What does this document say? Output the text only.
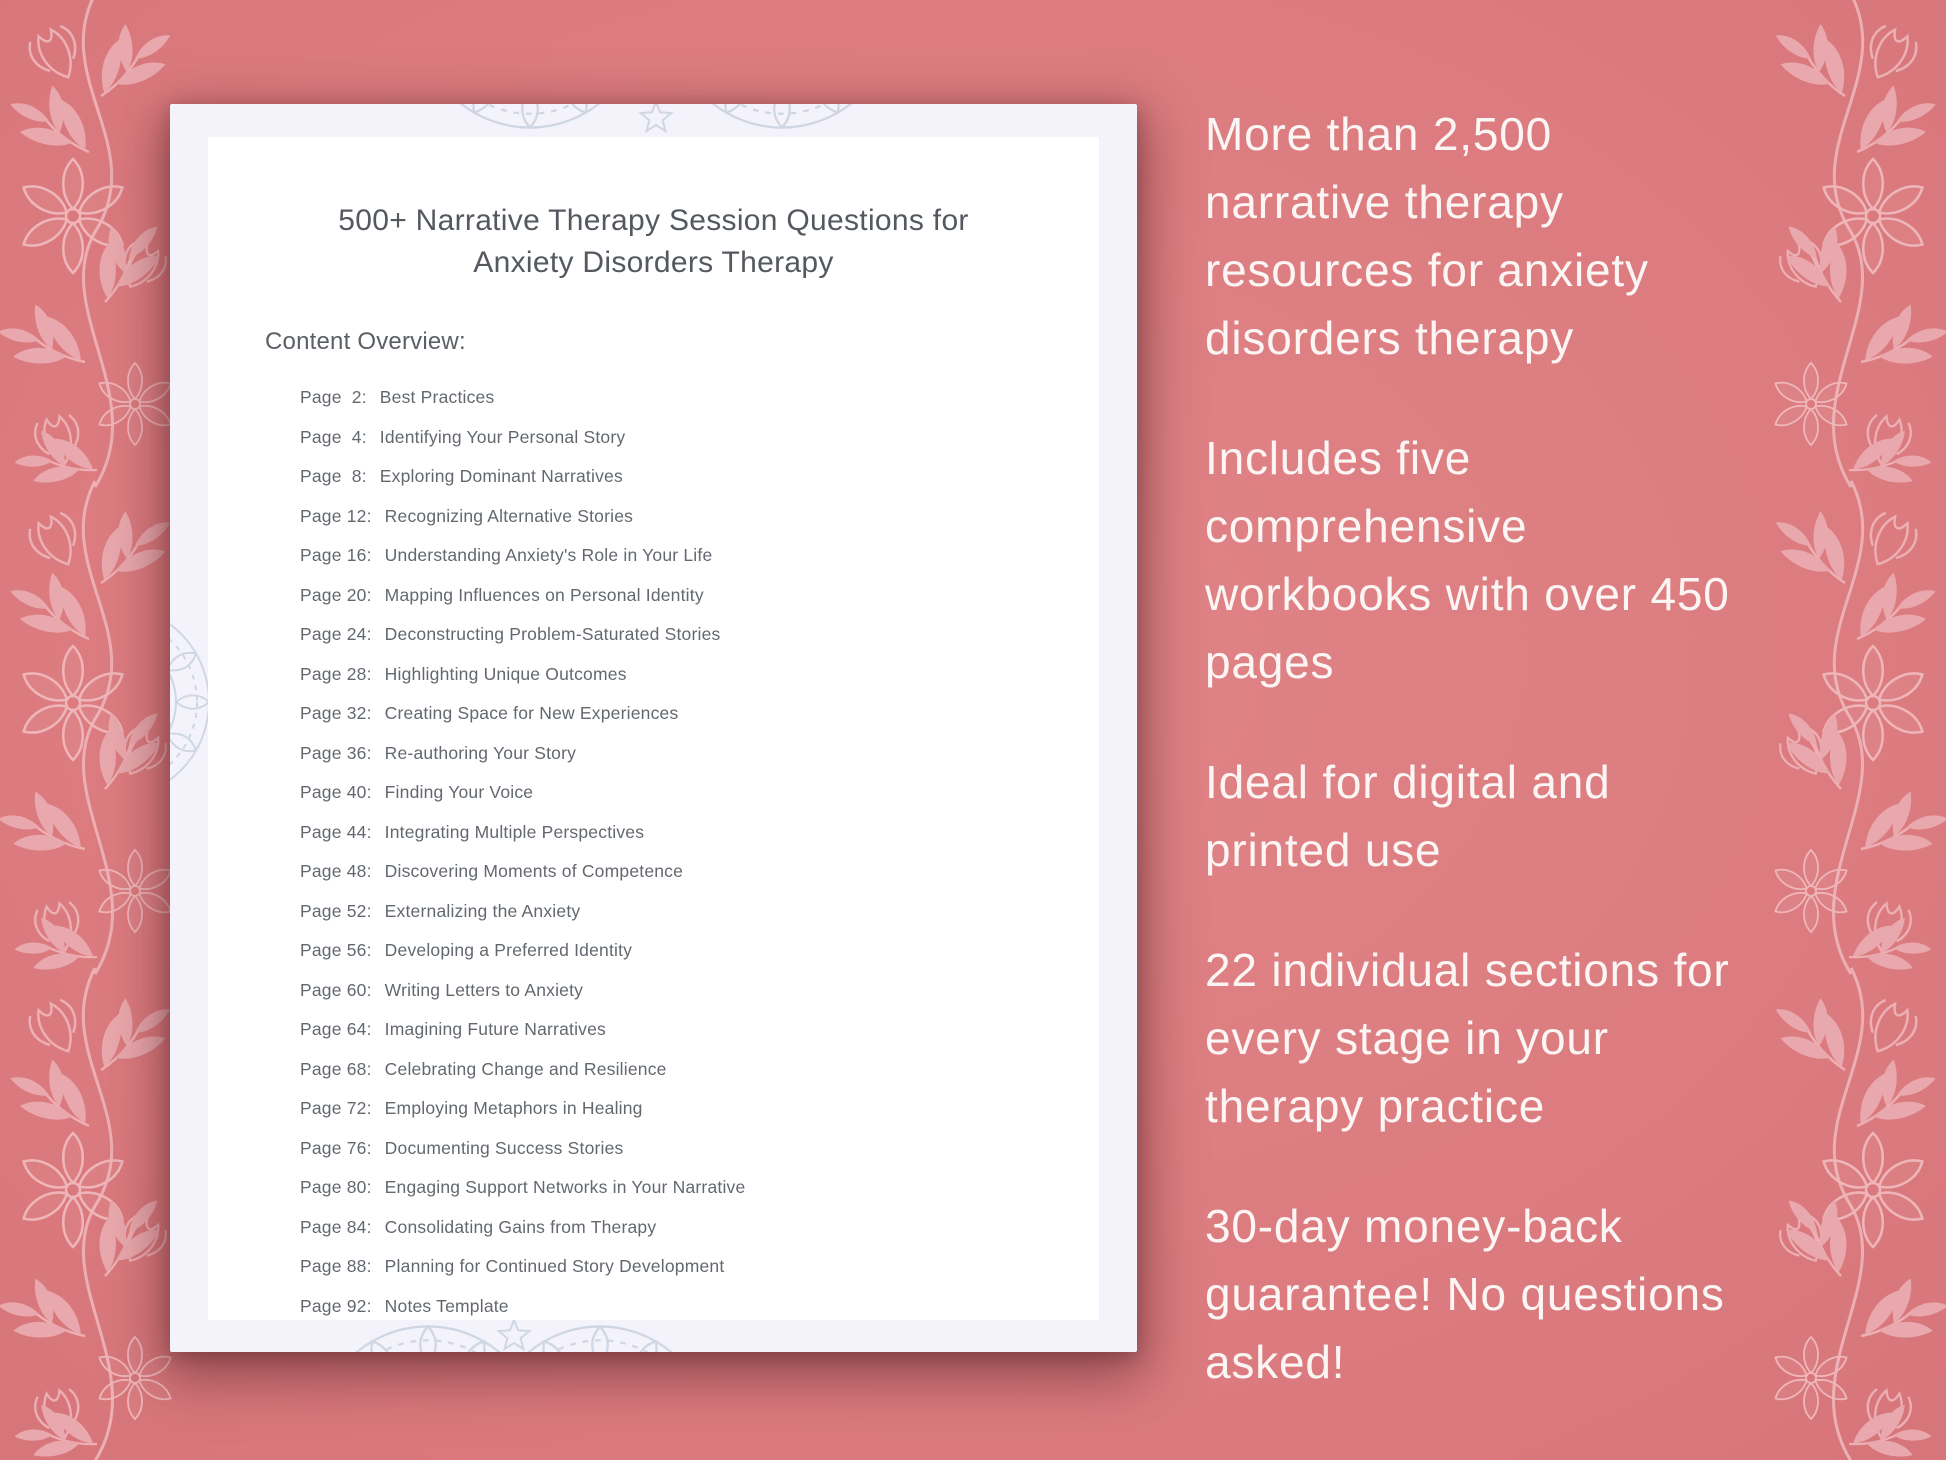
500+ Narrative Therapy Session Questions for
Anxiety Disorders Therapy
Content Overview:
Page  2: Best Practices
Page  4: Identifying Your Personal Story
Page  8: Exploring Dominant Narratives
Page 12: Recognizing Alternative Stories
Page 16: Understanding Anxiety's Role in Your Life
Page 20: Mapping Influences on Personal Identity
Page 24: Deconstructing Problem-Saturated Stories
Page 28: Highlighting Unique Outcomes
Page 32: Creating Space for New Experiences
Page 36: Re-authoring Your Story
Page 40: Finding Your Voice
Page 44: Integrating Multiple Perspectives
Page 48: Discovering Moments of Competence
Page 52: Externalizing the Anxiety
Page 56: Developing a Preferred Identity
Page 60: Writing Letters to Anxiety
Page 64: Imagining Future Narratives
Page 68: Celebrating Change and Resilience
Page 72: Employing Metaphors in Healing
Page 76: Documenting Success Stories
Page 80: Engaging Support Networks in Your Narrative
Page 84: Consolidating Gains from Therapy
Page 88: Planning for Continued Story Development
Page 92: Notes Template

More than 2,500 narrative therapy resources for anxiety disorders therapy

Includes five comprehensive workbooks with over 450 pages

Ideal for digital and printed use

22 individual sections for every stage in your therapy practice

30-day money-back guarantee! No questions asked!
